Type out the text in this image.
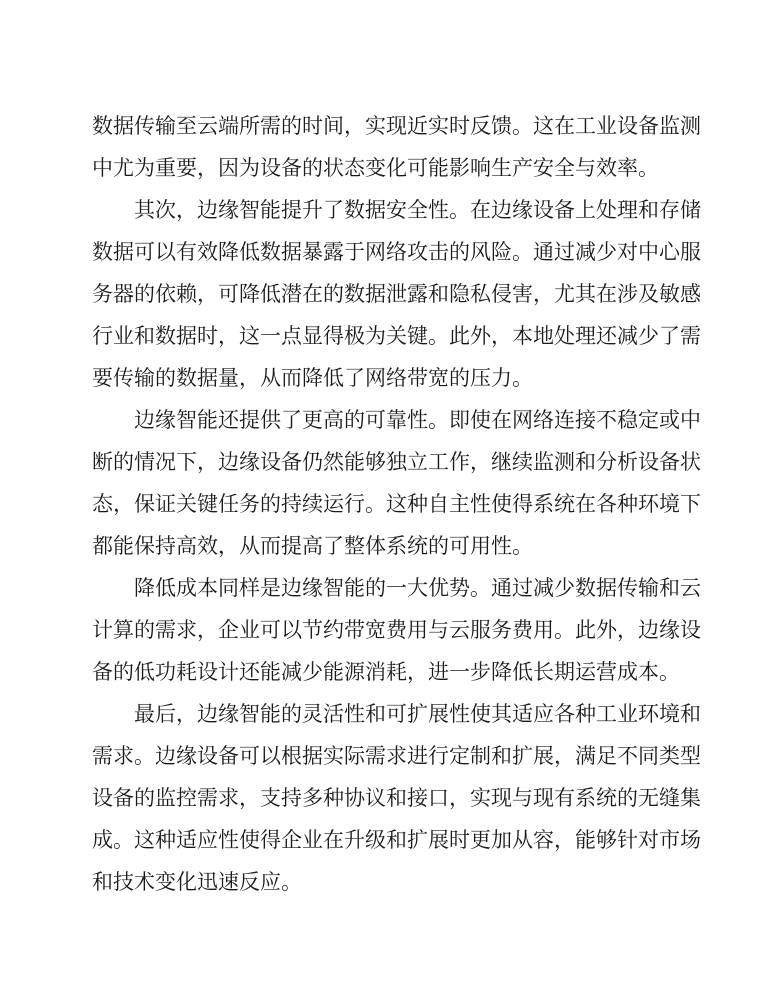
数据传输至云端所需的时间，实现近实时反馈。这在工业设备监测
中尤为重要，因为设备的状态变化可能影响生产安全与效率。
其次，边缘智能提升了数据安全性。在边缘设备上处理和存储
数据可以有效降低数据暴露于网络攻击的风险。通过减少对中心服
务器的依赖，可降低潜在的数据泄露和隐私侵害，尤其在涉及敏感
行业和数据时，这一点显得极为关键。此外，本地处理还减少了需
要传输的数据量，从而降低了网络带宽的压力。
边缘智能还提供了更高的可靠性。即使在网络连接不稳定或中
断的情况下，边缘设备仍然能够独立工作，继续监测和分析设备状
态，保证关键任务的持续运行。这种自主性使得系统在各种环境下
都能保持高效，从而提高了整体系统的可用性。
降低成本同样是边缘智能的一大优势。通过减少数据传输和云
计算的需求，企业可以节约带宽费用与云服务费用。此外，边缘设
备的低功耗设计还能减少能源消耗，进一步降低长期运营成本。
最后，边缘智能的灵活性和可扩展性使其适应各种工业环境和
需求。边缘设备可以根据实际需求进行定制和扩展，满足不同类型
设备的监控需求，支持多种协议和接口，实现与现有系统的无缝集
成。这种适应性使得企业在升级和扩展时更加从容，能够针对市场
和技术变化迅速反应。
